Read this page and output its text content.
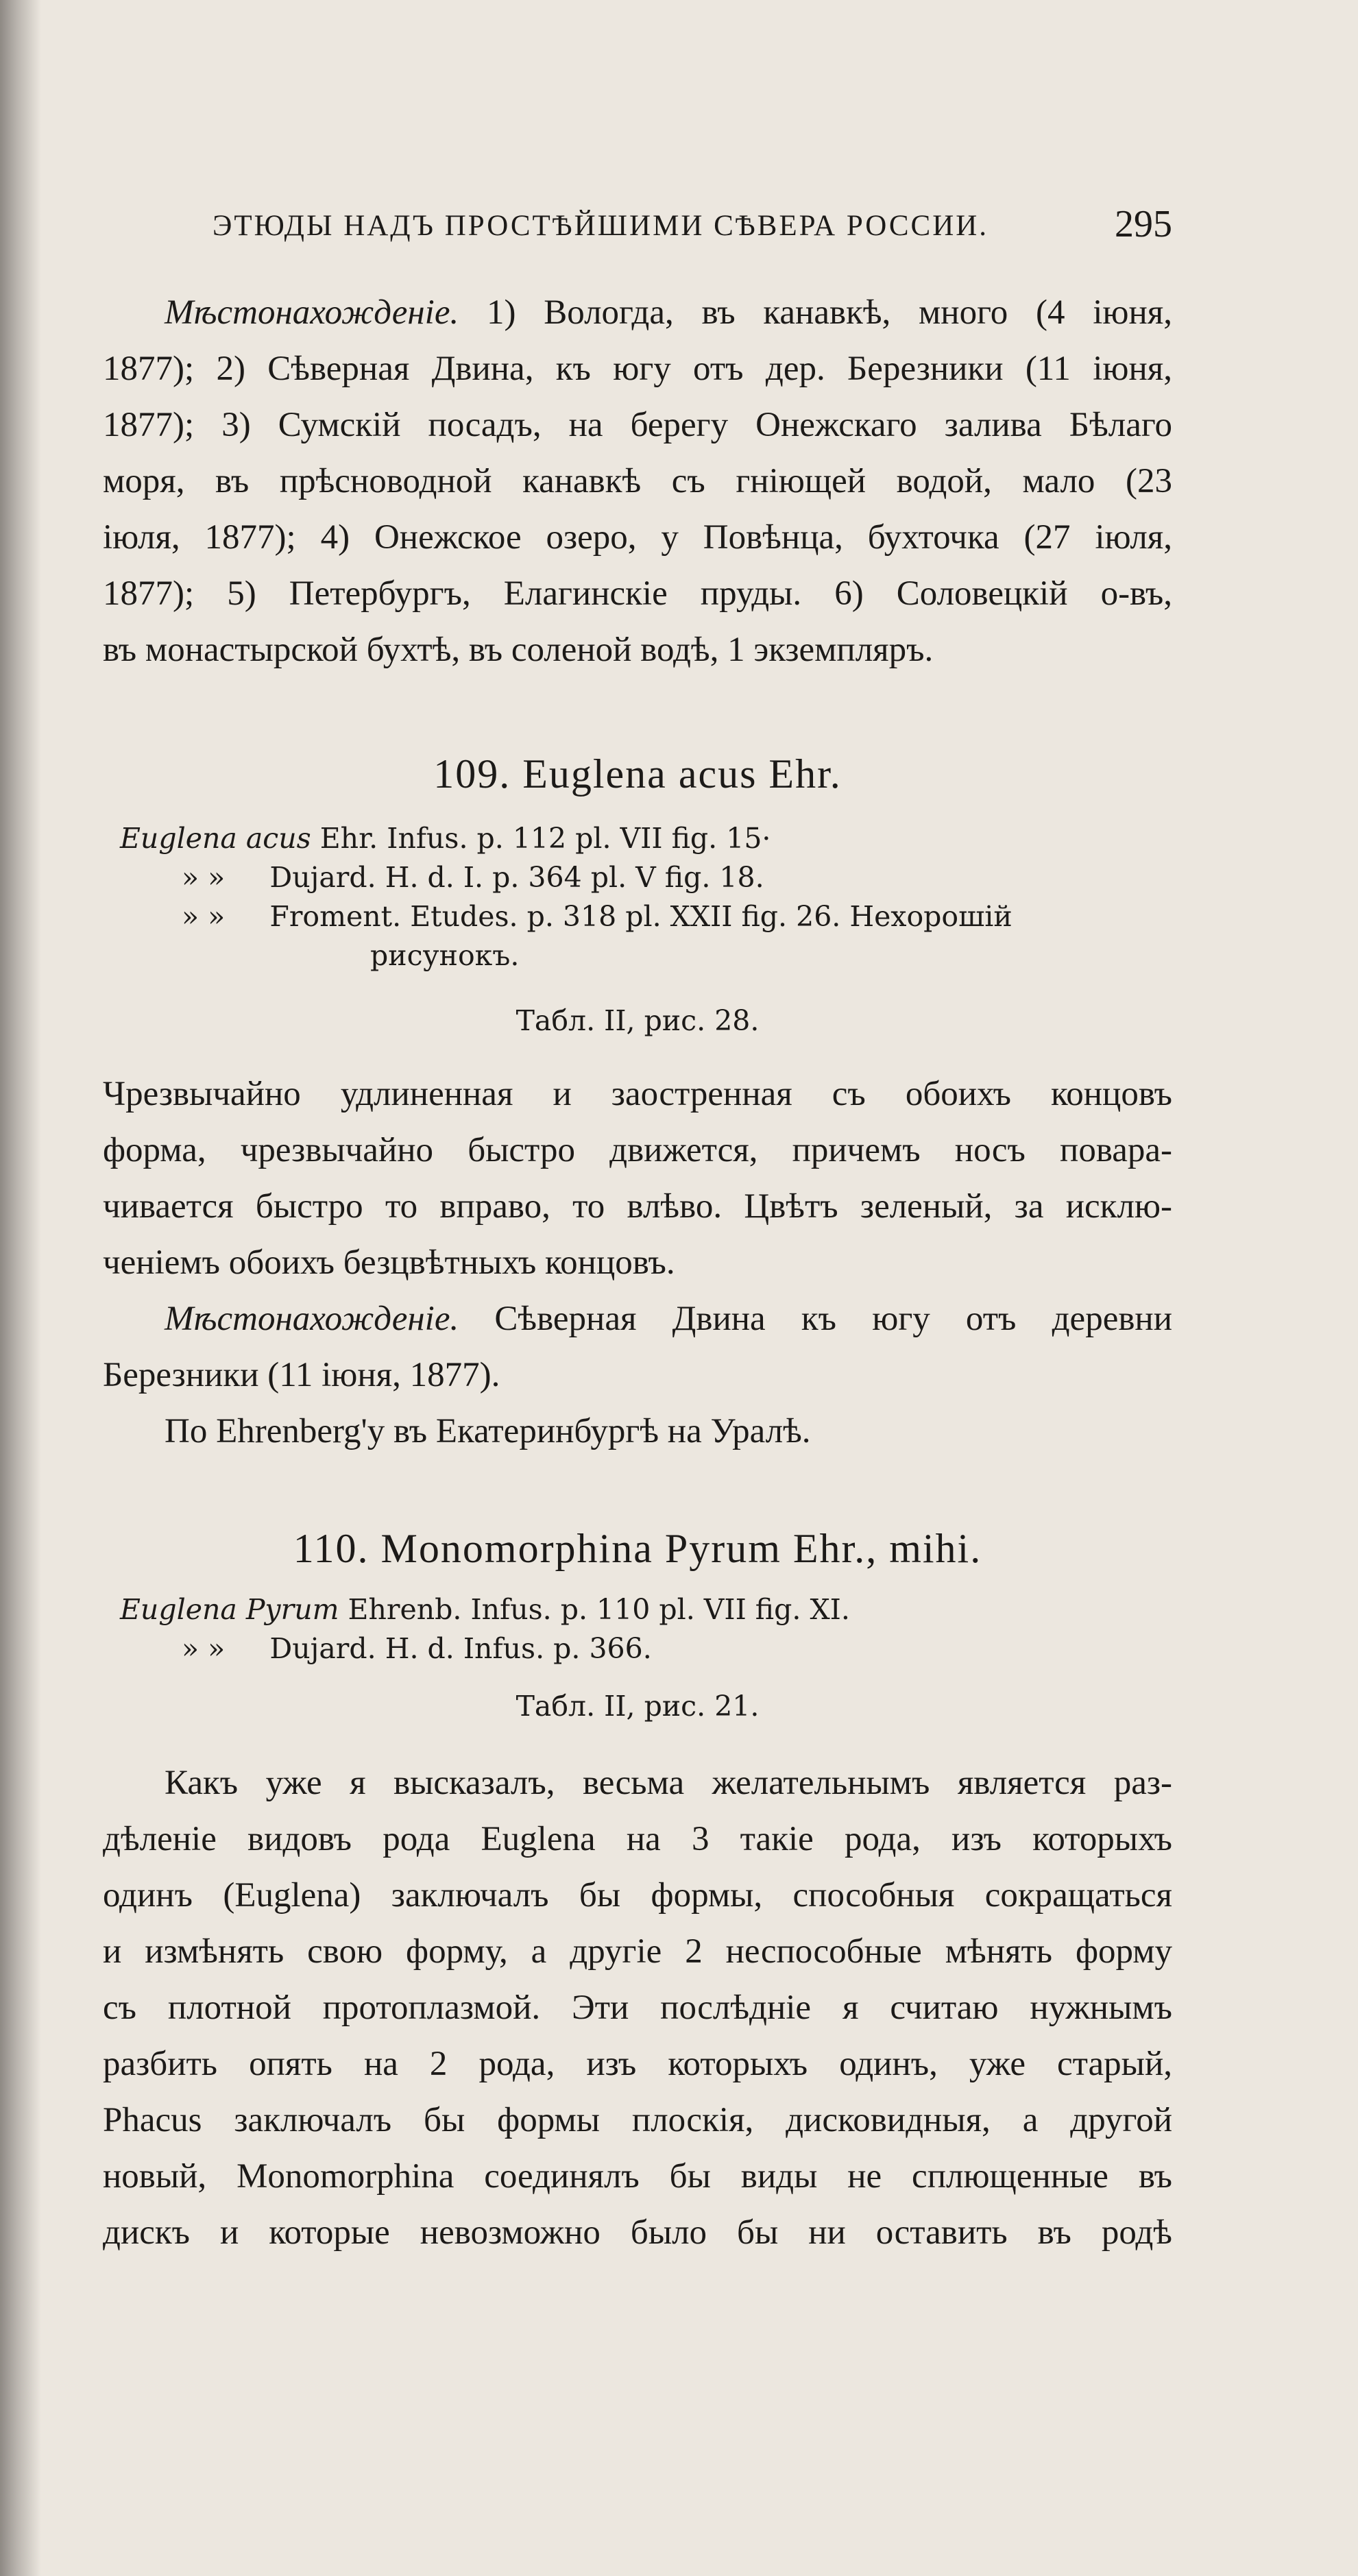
ЭТЮДЫ НАДЪ ПРОСТѢЙШИМИ СѢВЕРА РОССИИ.	295
Мѣстонахожденіе. 1) Вологда, въ канавкѣ, много (4 іюня,
1877); 2) Сѣверная Двина, къ югу отъ дер. Березники (11 іюня,
1877); 3) Сумскій посадъ, на берегу Онежскаго залива Бѣлаго
моря, въ прѣсноводной канавкѣ съ гніющей водой, мало (23
іюля, 1877); 4) Онежское озеро, у Повѣнца, бухточка (27 іюля,
1877); 5) Петербургъ, Елагинскіе пруды. 6) Соловецкій о-въ,
въ монастырской бухтѣ, въ соленой водѣ, 1 экземпляръ.
109. Euglena acus Ehr.
Euglena acus Ehr. Infus. p. 112 pl. VII fig. 15·
» » Dujard. H. d. I. p. 364 pl. V fig. 18.
» » Froment. Etudes. p. 318 pl. XXII fig. 26. Нехорошій
рисунокъ.
Табл. II, рис. 28.
Чрезвычайно удлиненная и заостренная съ обоихъ концовъ
форма, чрезвычайно быстро движется, причемъ носъ повара-
чивается быстро то вправо, то влѣво. Цвѣтъ зеленый, за исклю-
ченіемъ обоихъ безцвѣтныхъ концовъ.
Мѣстонахожденіе. Сѣверная Двина къ югу отъ деревни
Березники (11 іюня, 1877).
По Ehrenberg'у въ Екатеринбургѣ на Уралѣ.
110. Monomorphina Pyrum Ehr., mihi.
Euglena Pyrum Ehrenb. Infus. p. 110 pl. VII fig. XI.
» » Dujard. H. d. Infus. p. 366.
Табл. II, рис. 21.
Какъ уже я высказалъ, весьма желательнымъ является раз-
дѣленіе видовъ рода Euglena на 3 такіе рода, изъ которыхъ
одинъ (Euglena) заключалъ бы формы, способныя сокращаться
и измѣнять свою форму, а другіе 2 неспособные мѣнять форму
съ плотной протоплазмой. Эти послѣдніе я считаю нужнымъ
разбить опять на 2 рода, изъ которыхъ одинъ, уже старый,
Phacus заключалъ бы формы плоскія, дисковидныя, а другой
новый, Monomorphina соединялъ бы виды не сплющенные въ
дискъ и которые невозможно было бы ни оставить въ родѣ
